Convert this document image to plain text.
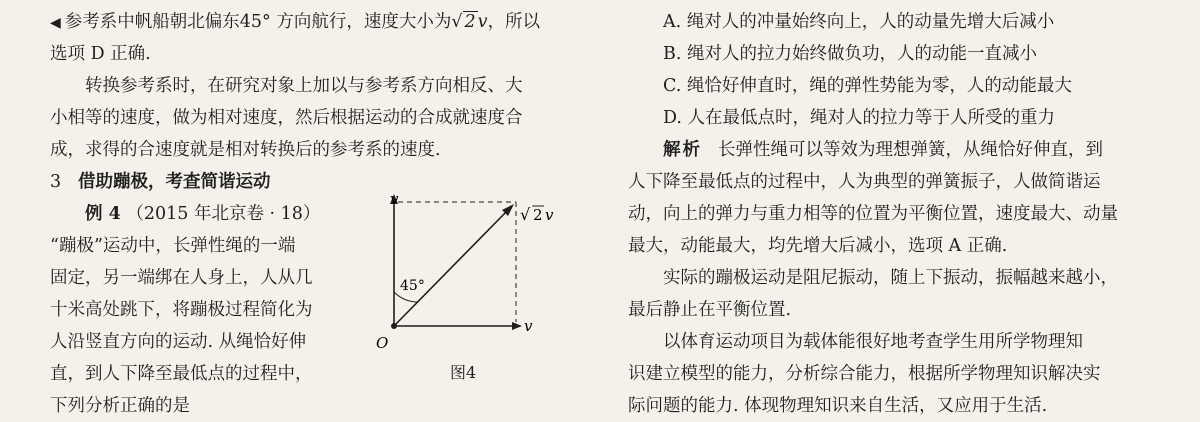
◀ 参考系中帆船朝北偏东45° 方向航行，速度大小为√ 2 v，所以
选项 D 正确.
转换参考系时，在研究对象上加以与参考系方向相反、大
小相等的速度，做为相对速度，然后根据运动的合成就速度合
成，求得的合速度就是相对转换后的参考系的速度.
3 借助蹦极，考查简谐运动
例 4 （2015 年北京卷 · 18）
“蹦极”运动中，长弹性绳的一端
固定，另一端绑在人身上，人从几
十米高处跳下，将蹦极过程简化为
人沿竖直方向的运动. 从绳恰好伸
直，到人下降至最低点的过程中，
下列分析正确的是
v
v
O
45°
√ 2 v
图4
A. 绳对人的冲量始终向上，人的动量先增大后减小
B. 绳对人的拉力始终做负功，人的动能一直减小
C. 绳恰好伸直时，绳的弹性势能为零，人的动能最大
D. 人在最低点时，绳对人的拉力等于人所受的重力
解析 长弹性绳可以等效为理想弹簧，从绳恰好伸直，到
人下降至最低点的过程中，人为典型的弹簧振子，人做简谐运
动，向上的弹力与重力相等的位置为平衡位置，速度最大、动量
最大，动能最大，均先增大后减小，选项 A 正确.
实际的蹦极运动是阻尼振动，随上下振动，振幅越来越小，
最后静止在平衡位置.
以体育运动项目为载体能很好地考查学生用所学物理知
识建立模型的能力，分析综合能力，根据所学物理知识解决实
际问题的能力. 体现物理知识来自生活，又应用于生活.
